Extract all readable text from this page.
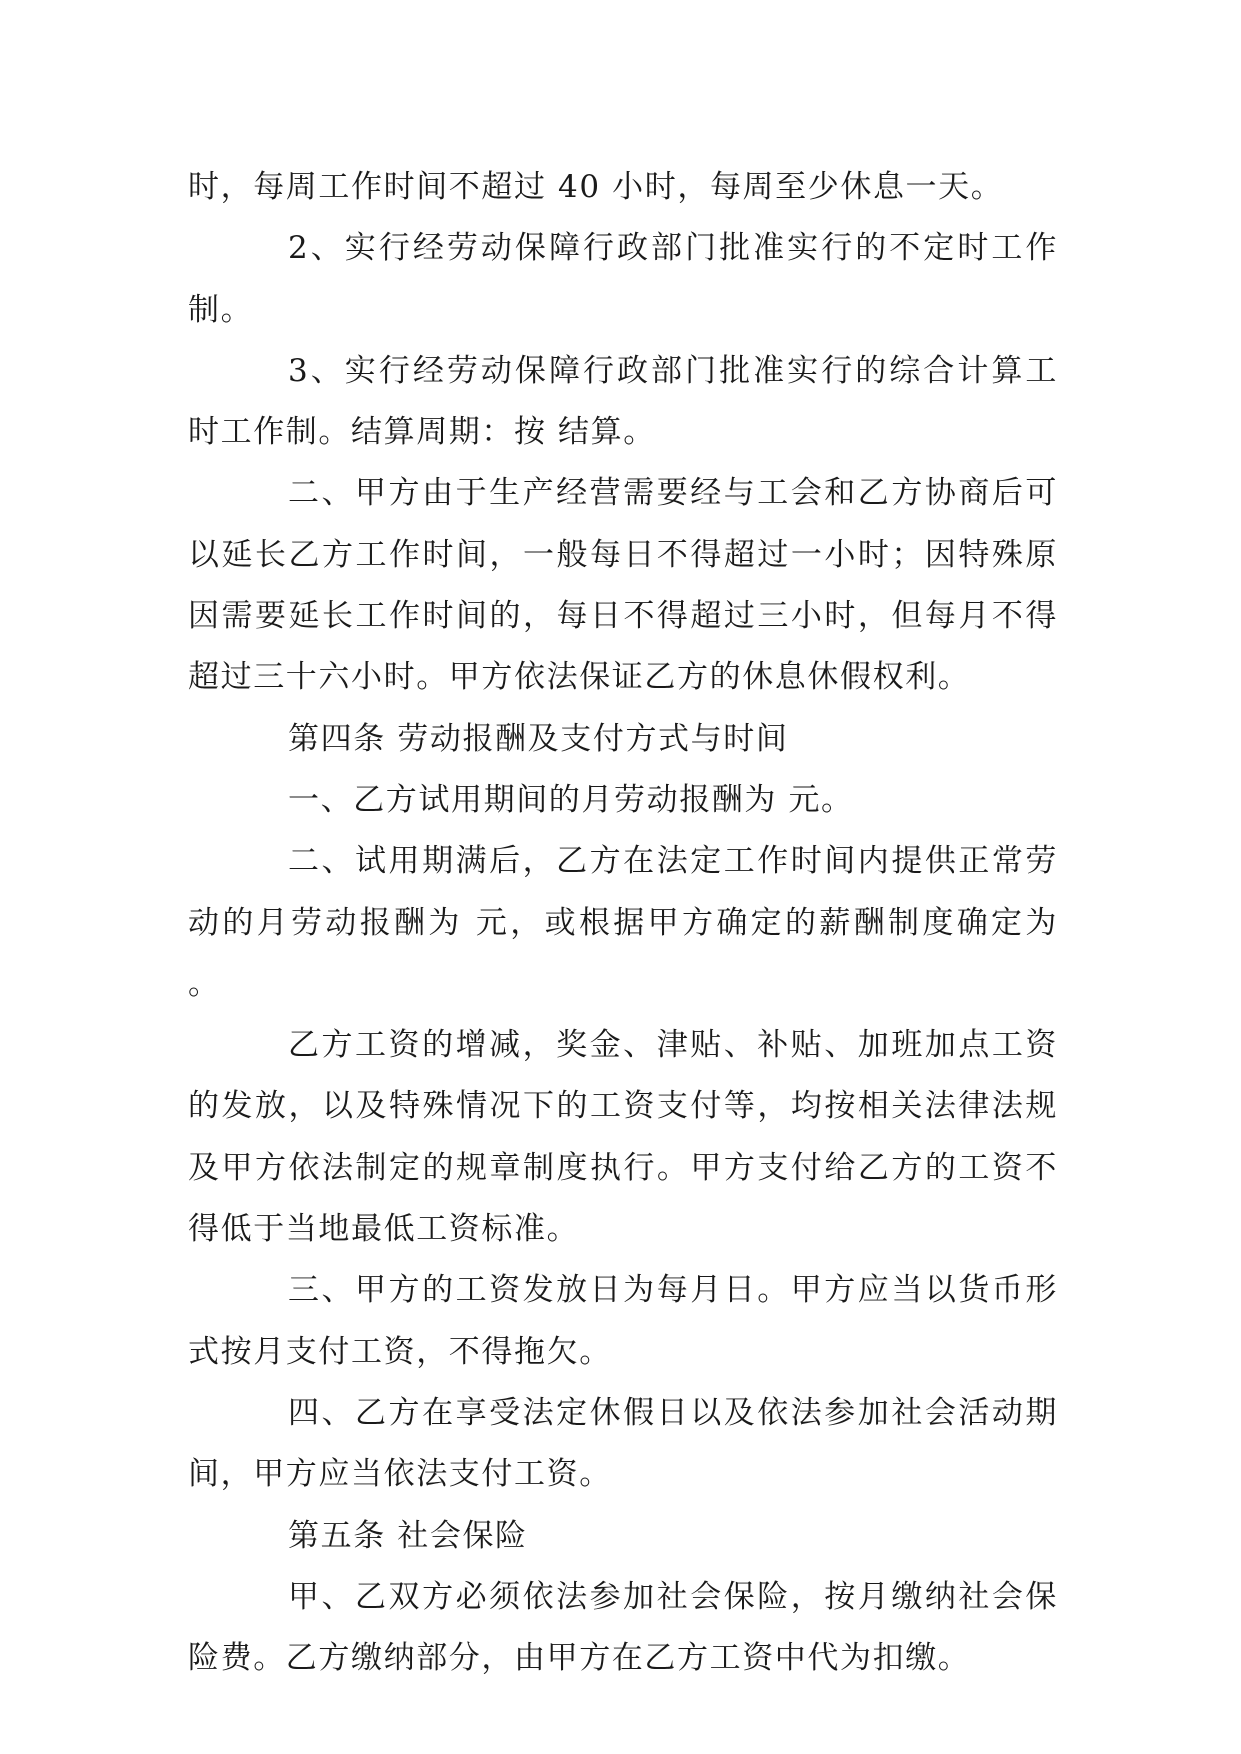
时，每周工作时间不超过 40 小时，每周至少休息一天。

2、实行经劳动保障行政部门批准实行的不定时工作制。

3、实行经劳动保障行政部门批准实行的综合计算工时工作制。结算周期：按 结算。

二、甲方由于生产经营需要经与工会和乙方协商后可以延长乙方工作时间，一般每日不得超过一小时；因特殊原因需要延长工作时间的，每日不得超过三小时，但每月不得超过三十六小时。甲方依法保证乙方的休息休假权利。

第四条 劳动报酬及支付方式与时间

一、乙方试用期间的月劳动报酬为 元。

二、试用期满后，乙方在法定工作时间内提供正常劳动的月劳动报酬为 元，或根据甲方确定的薪酬制度确定为 。

乙方工资的增减，奖金、津贴、补贴、加班加点工资的发放，以及特殊情况下的工资支付等，均按相关法律法规及甲方依法制定的规章制度执行。甲方支付给乙方的工资不得低于当地最低工资标准。

三、甲方的工资发放日为每月日。甲方应当以货币形式按月支付工资，不得拖欠。

四、乙方在享受法定休假日以及依法参加社会活动期间，甲方应当依法支付工资。

第五条 社会保险

甲、乙双方必须依法参加社会保险，按月缴纳社会保险费。乙方缴纳部分，由甲方在乙方工资中代为扣缴。
